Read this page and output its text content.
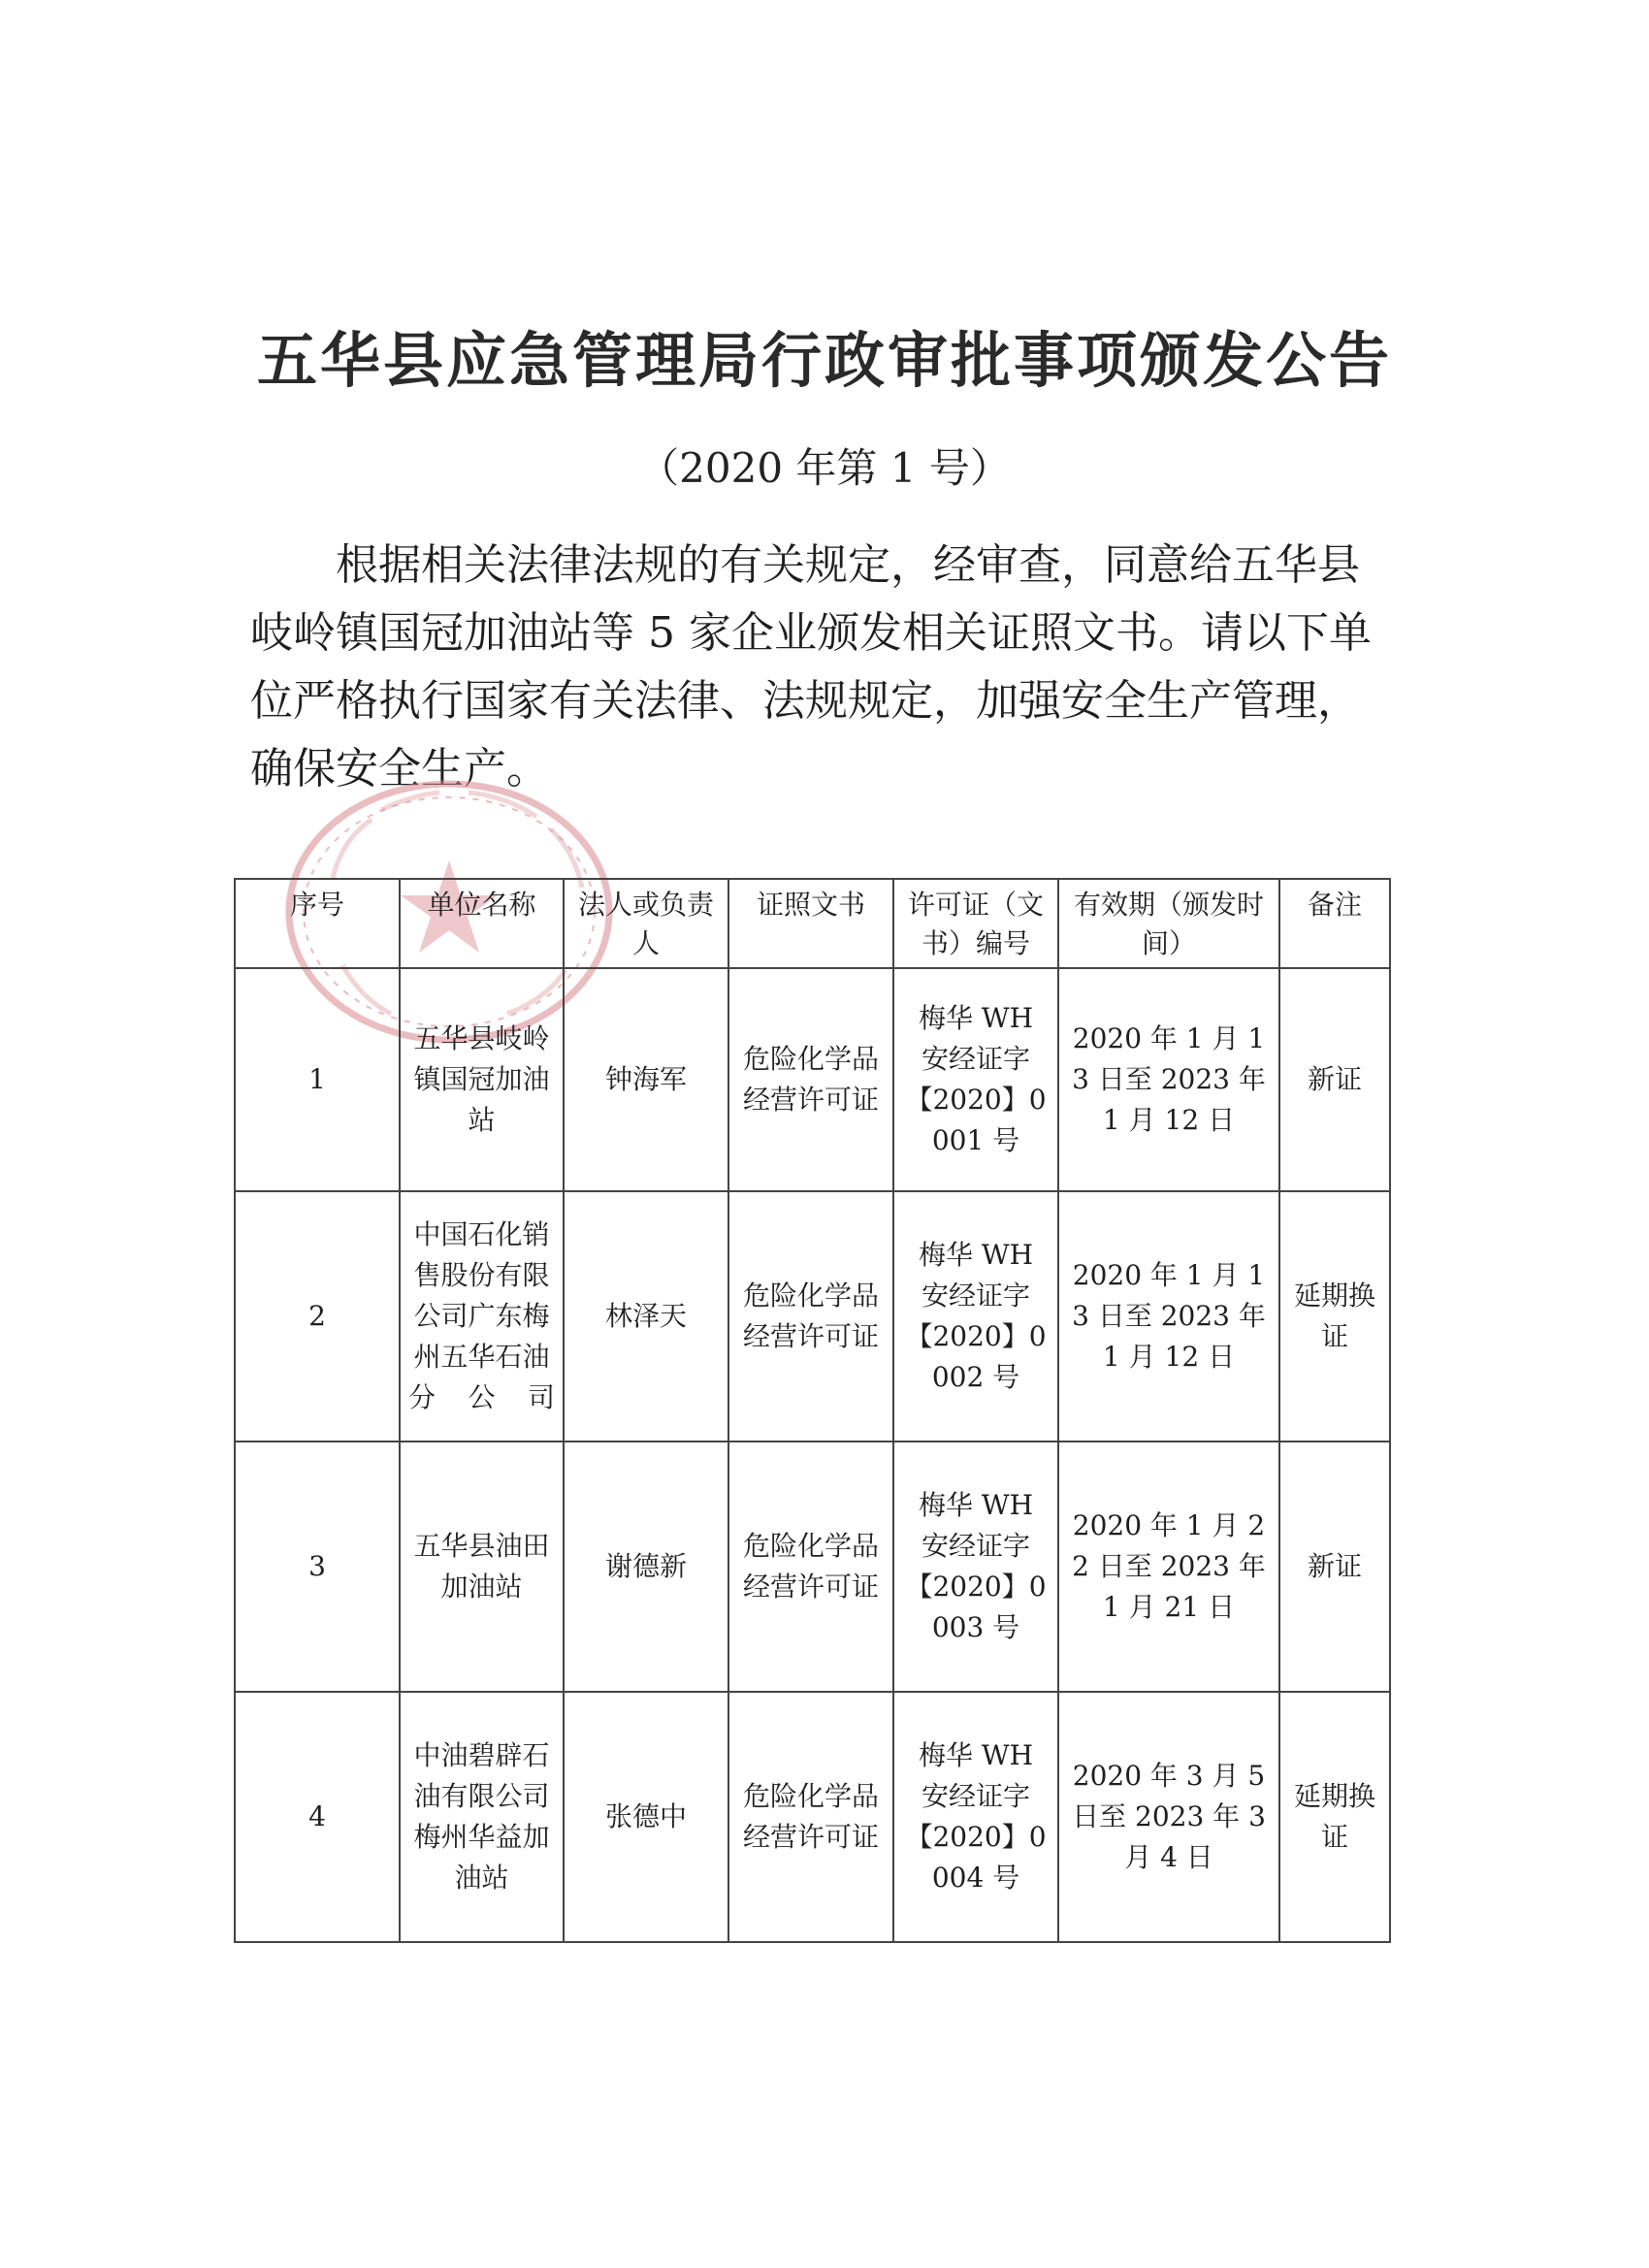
五华县应急管理局行政审批事项颁发公告
（2020 年第 1 号）
根据相关法律法规的有关规定，经审查，同意给五华县
岐岭镇国冠加油站等 5 家企业颁发相关证照文书。请以下单
位严格执行国家有关法律、法规规定，加强安全生产管理，
确保安全生产。
序号	单位名称	法人或负责人	证照文书	许可证（文书）编号	有效期（颁发时间）	备注
1	五华县岐岭镇国冠加油站	钟海军	危险化学品经营许可证	梅华 WH 安经证字【2020】0001 号	2020 年 1 月 13 日至 2023 年 1 月 12 日	新证
2	中国石化销售股份有限公司广东梅州五华石油分公司	林泽天	危险化学品经营许可证	梅华 WH 安经证字【2020】0002 号	2020 年 1 月 13 日至 2023 年 1 月 12 日	延期换证
3	五华县油田加油站	谢德新	危险化学品经营许可证	梅华 WH 安经证字【2020】0003 号	2020 年 1 月 22 日至 2023 年 1 月 21 日	新证
4	中油碧辟石油有限公司梅州华益加油站	张德中	危险化学品经营许可证	梅华 WH 安经证字【2020】0004 号	2020 年 3 月 5 日至 2023 年 3 月 4 日	延期换证
